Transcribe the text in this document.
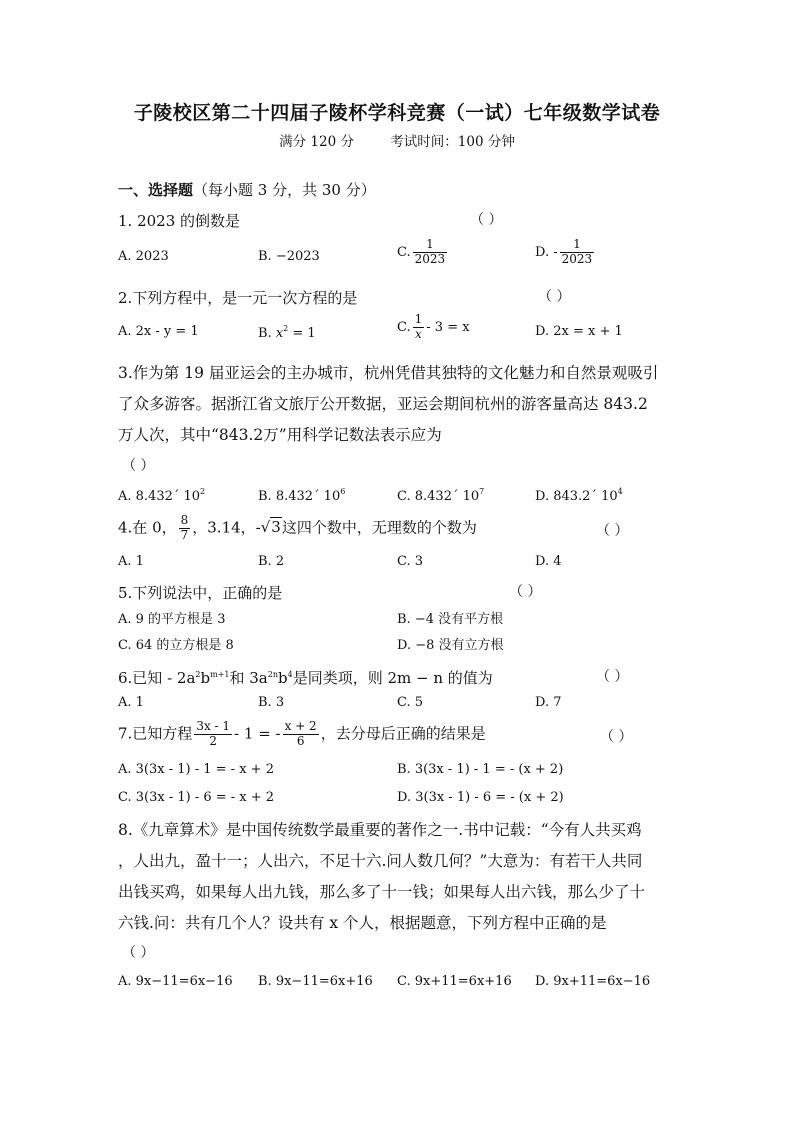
子陵校区第二十四届子陵杯学科竞赛（一试）七年级数学试卷
满分 120 分	考试时间：100 分钟
一、选择题（每小题 3 分，共 30 分）
1. 2023 的倒数是	（ ）
A. 2023	B. −2023	C. $\frac{1}{2023}$	D. - $\frac{1}{2023}$
2.下列方程中，是一元一次方程的是	（ ）
A. 2x - y = 1	B. $x^2 = 1$	C. $\frac{1}{x} - 3 = x$	D. 2x = x + 1
3.作为第 19 届亚运会的主办城市，杭州凭借其独特的文化魅力和自然景观吸引
了众多游客。据浙江省文旅厅公开数据，亚运会期间杭州的游客量高达 843.2
万人次，其中“843.2万”用科学记数法表示应为
（ ）
A. 8.432´ $10^2$	B. 8.432´ $10^6$	C. 8.432´ $10^7$	D. 843.2´ $10^4$
4.在 0， $\frac{8}{7}$ ，3.14，-√3这四个数中，无理数的个数为	（ ）
A. 1	B. 2	C. 3	D. 4
5.下列说法中，正确的是	（ ）
A. 9 的平方根是 3	B. −4 没有平方根
C. 64 的立方根是 8	D. −8 没有立方根
6.已知 - $2a^2b^{m+1}$和 $3a^{2n}b^4$是同类项，则 2m − n 的值为	（ ）
A. 1	B. 3	C. 5	D. 7
7.已知方程 $\frac{3x - 1}{2} - 1$ = - $\frac{x + 2}{6}$ ，去分母后正确的结果是	（ ）
A. 3(3x - 1) - 1 = - x + 2	B. 3(3x - 1) - 1 = - (x + 2)
C. 3(3x - 1) - 6 = - x + 2	D. 3(3x - 1) - 6 = - (x + 2)
8.《九章算术》是中国传统数学最重要的著作之一.书中记载：“今有人共买鸡
，人出九，盈十一；人出六，不足十六.问人数几何？”大意为：有若干人共同
出钱买鸡，如果每人出九钱，那么多了十一钱；如果每人出六钱，那么少了十
六钱.问：共有几个人？设共有 x 个人，根据题意，下列方程中正确的是
（ ）
A. 9x−11=6x−16 B. 9x−11=6x+16 C. 9x+11=6x+16 D. 9x+11=6x−16
